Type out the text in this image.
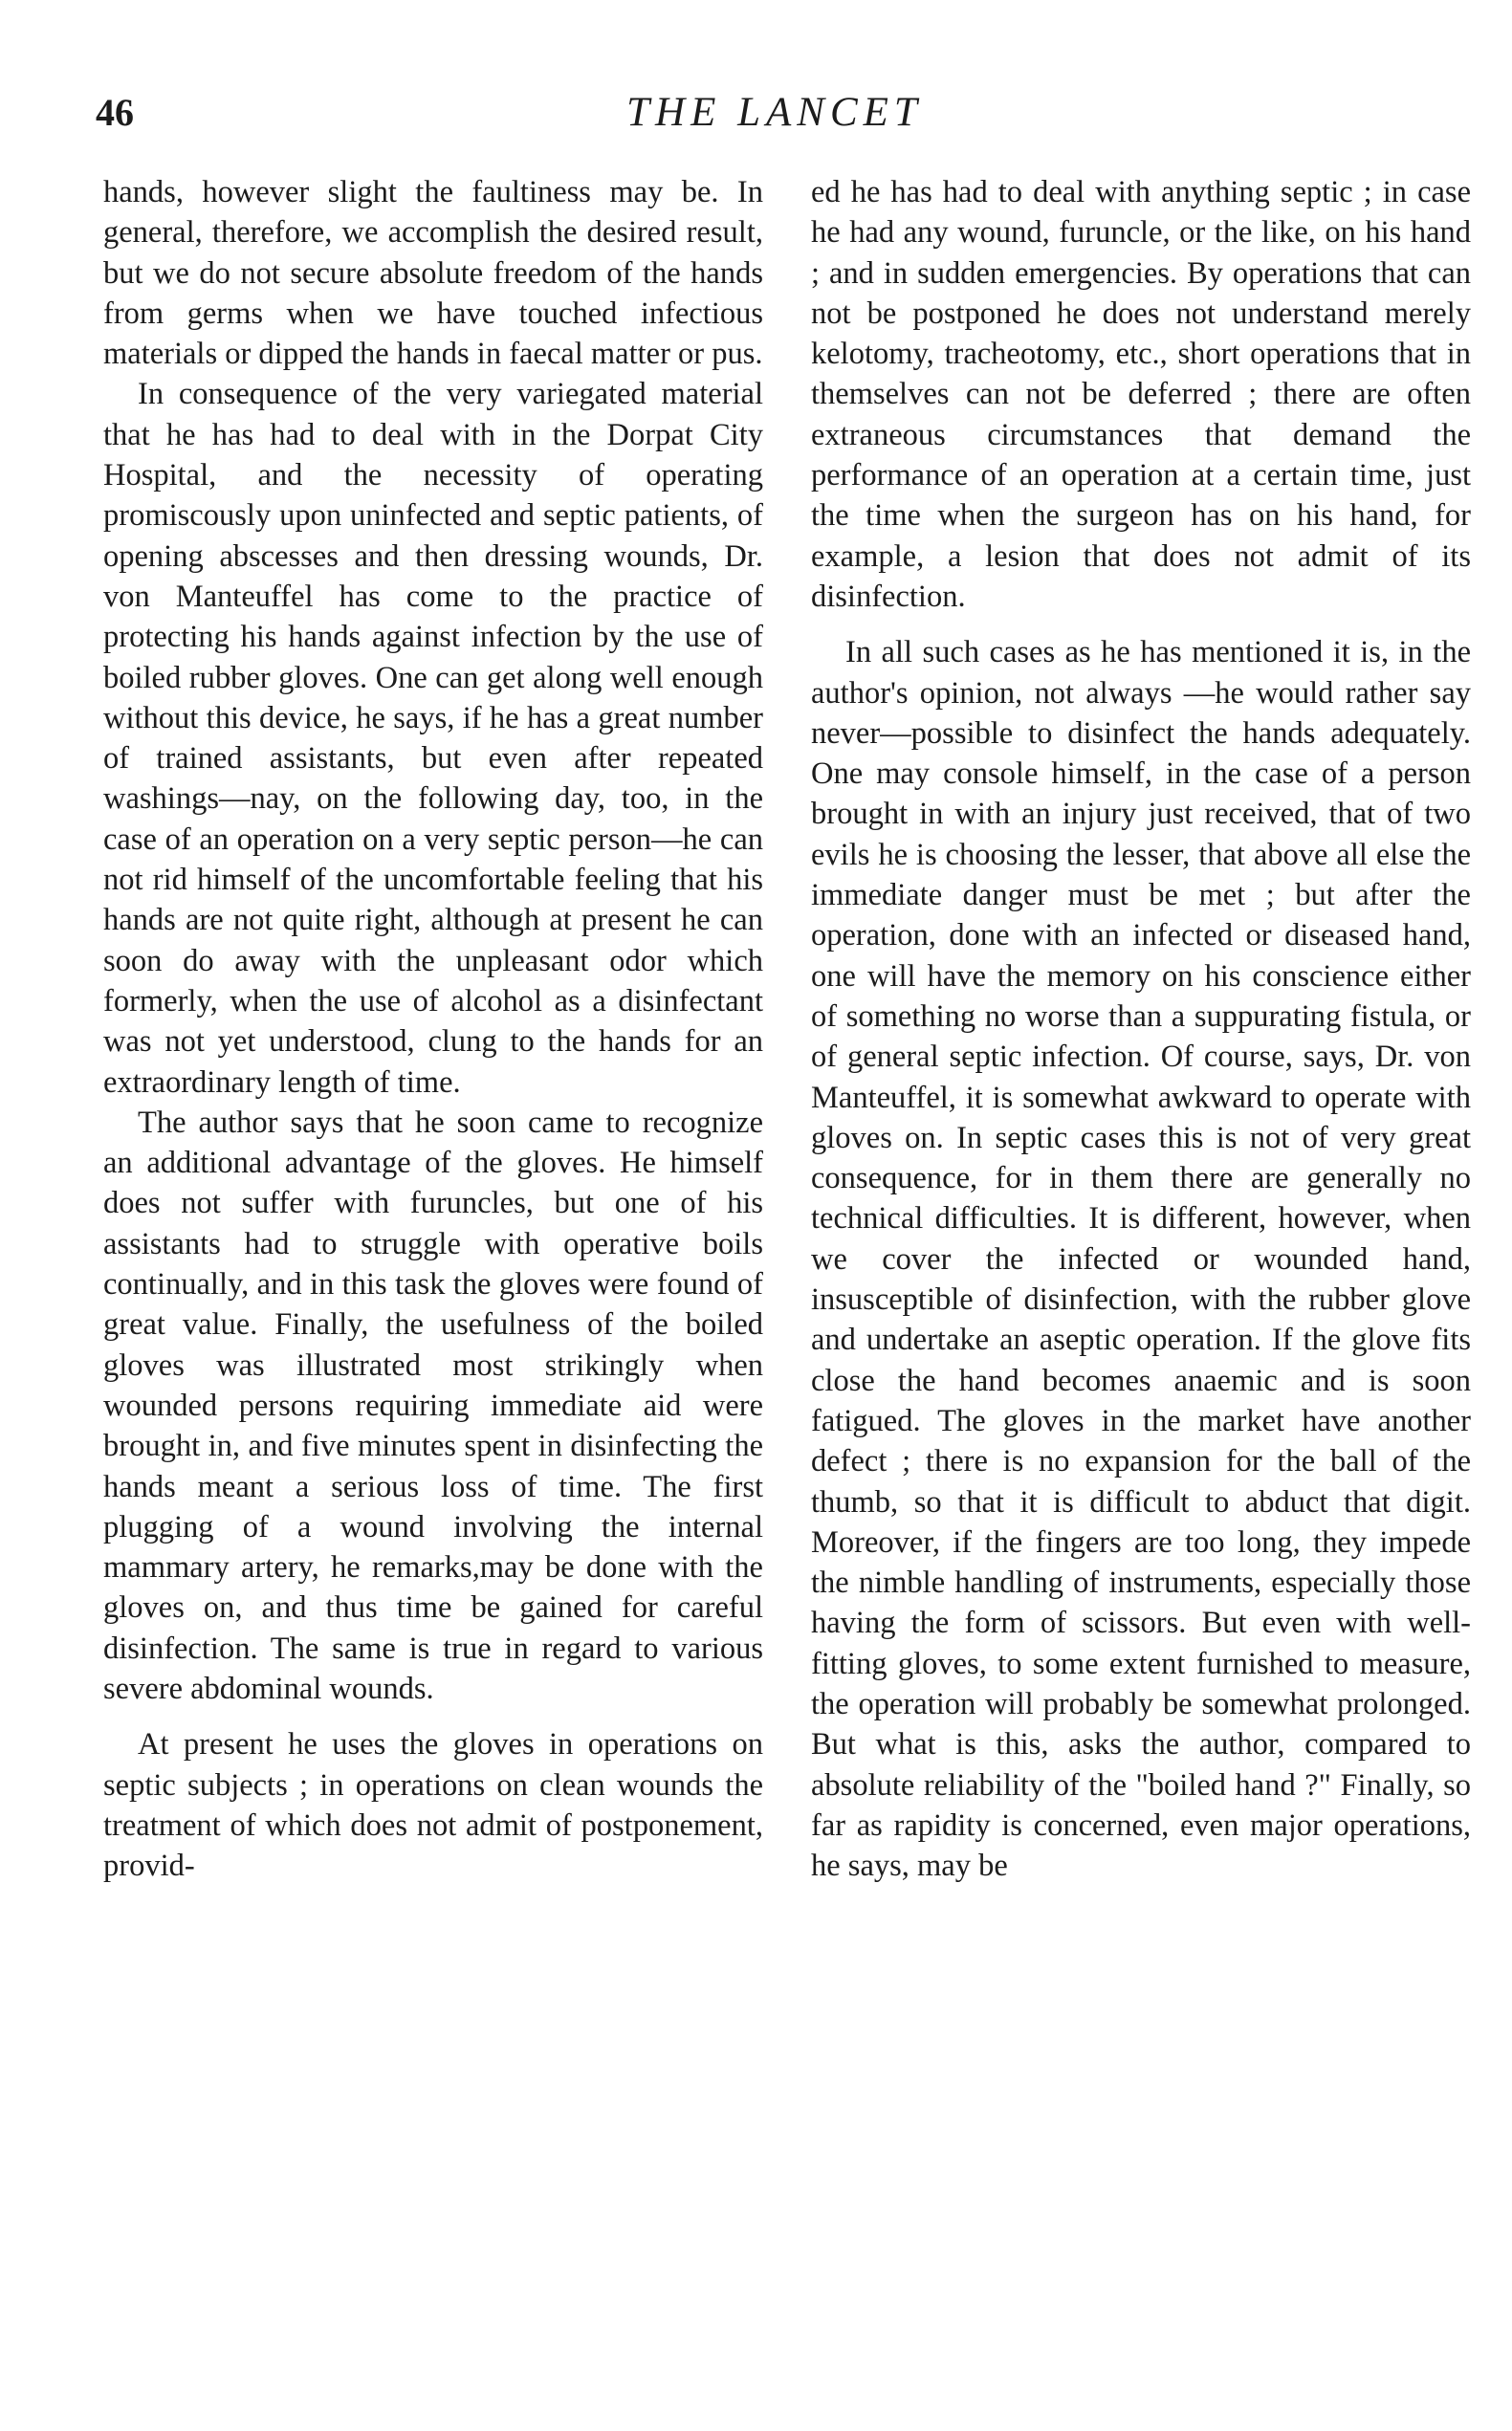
46	THE LANCET

hands, however slight the faultiness may be. In general, therefore, we accomplish the desired result, but we do not secure absolute freedom of the hands from germs when we have touched infectious materials or dipped the hands in faecal matter or pus.

In consequence of the very variegated material that he has had to deal with in the Dorpat City Hospital, and the necessity of operating promiscously upon uninfected and septic patients, of opening abscesses and then dressing wounds, Dr. von Manteuffel has come to the practice of protecting his hands against infection by the use of boiled rubber gloves. One can get along well enough without this device, he says, if he has a great number of trained assistants, but even after repeated washings—nay, on the following day, too, in the case of an operation on a very septic person—he can not rid himself of the uncomfortable feeling that his hands are not quite right, although at present he can soon do away with the unpleasant odor which formerly, when the use of alcohol as a disinfectant was not yet understood, clung to the hands for an extraordinary length of time.

The author says that he soon came to recognize an additional advantage of the gloves. He himself does not suffer with furuncles, but one of his assistants had to struggle with operative boils continually, and in this task the gloves were found of great value. Finally, the usefulness of the boiled gloves was illustrated most strikingly when wounded persons requiring immediate aid were brought in, and five minutes spent in disinfecting the hands meant a serious loss of time. The first plugging of a wound involving the internal mammary artery, he remarks,may be done with the gloves on, and thus time be gained for careful disinfection. The same is true in regard to various severe abdominal wounds.

At present he uses the gloves in operations on septic subjects ; in operations on clean wounds the treatment of which does not admit of postponement, provid-

ed he has had to deal with anything septic ; in case he had any wound, furuncle, or the like, on his hand ; and in sudden emergencies. By operations that can not be postponed he does not understand merely kelotomy, tracheotomy, etc., short operations that in themselves can not be deferred ; there are often extraneous circumstances that demand the performance of an operation at a certain time, just the time when the surgeon has on his hand, for example, a lesion that does not admit of its disinfection.

In all such cases as he has mentioned it is, in the author's opinion, not always —he would rather say never—possible to disinfect the hands adequately. One may console himself, in the case of a person brought in with an injury just received, that of two evils he is choosing the lesser, that above all else the immediate danger must be met ; but after the operation, done with an infected or diseased hand, one will have the memory on his conscience either of something no worse than a suppurating fistula, or of general septic infection. Of course, says, Dr. von Manteuffel, it is somewhat awkward to operate with gloves on. In septic cases this is not of very great consequence, for in them there are generally no technical difficulties. It is different, however, when we cover the infected or wounded hand, insusceptible of disinfection, with the rubber glove and undertake an aseptic operation. If the glove fits close the hand becomes anaemic and is soon fatigued. The gloves in the market have another defect ; there is no expansion for the ball of the thumb, so that it is difficult to abduct that digit. Moreover, if the fingers are too long, they impede the nimble handling of instruments, especially those having the form of scissors. But even with well-fitting gloves, to some extent furnished to measure, the operation will probably be somewhat prolonged. But what is this, asks the author, compared to absolute reliability of the "boiled hand ?" Finally, so far as rapidity is concerned, even major operations, he says, may be
